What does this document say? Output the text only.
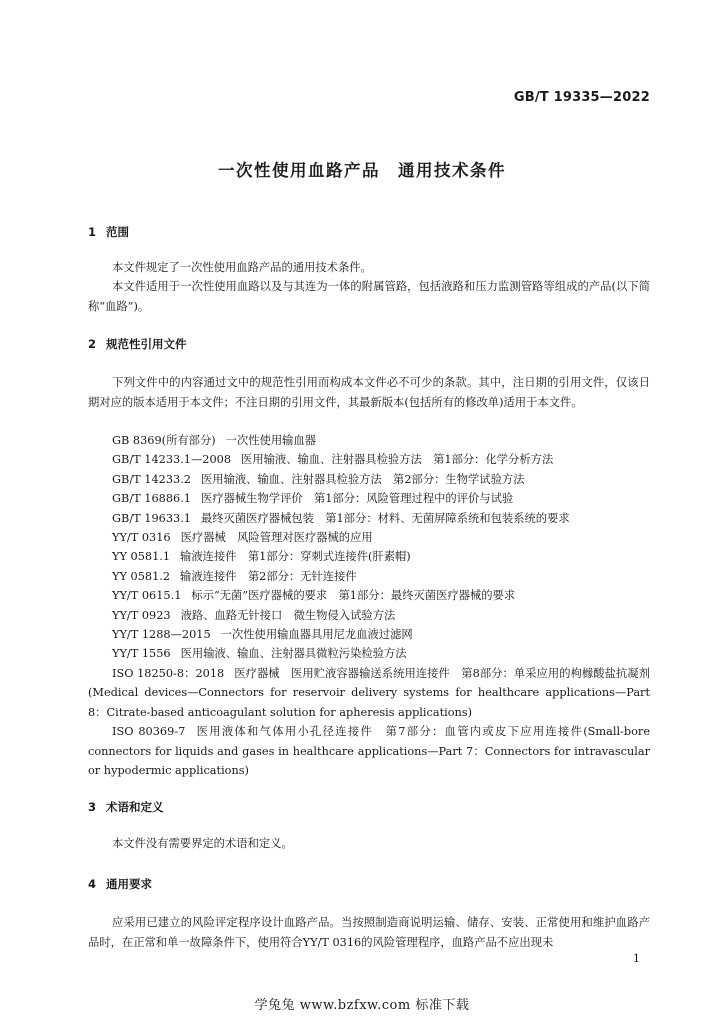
GB/T 19335—2022
一次性使用血路产品　通用技术条件
1 范围
本文件规定了一次性使用血路产品的通用技术条件。
本文件适用于一次性使用血路以及与其连为一体的附属管路，包括液路和压力监测管路等组成的产品(以下简称“血路”)。
2 规范性引用文件
下列文件中的内容通过文中的规范性引用而构成本文件必不可少的条款。其中，注日期的引用文件，仅该日期对应的版本适用于本文件；不注日期的引用文件，其最新版本(包括所有的修改单)适用于本文件。
GB 8369(所有部分) 一次性使用输血器
GB/T 14233.1—2008 医用输液、输血、注射器具检验方法　第1部分：化学分析方法
GB/T 14233.2 医用输液、输血、注射器具检验方法　第2部分：生物学试验方法
GB/T 16886.1 医疗器械生物学评价　第1部分：风险管理过程中的评价与试验
GB/T 19633.1 最终灭菌医疗器械包装　第1部分：材料、无菌屏障系统和包装系统的要求
YY/T 0316 医疗器械　风险管理对医疗器械的应用
YY 0581.1 输液连接件　第1部分：穿刺式连接件(肝素帽)
YY 0581.2 输液连接件　第2部分：无针连接件
YY/T 0615.1 标示“无菌”医疗器械的要求　第1部分：最终灭菌医疗器械的要求
YY/T 0923 液路、血路无针接口　微生物侵入试验方法
YY/T 1288—2015 一次性使用输血器具用尼龙血液过滤网
YY/T 1556 医用输液、输血、注射器具微粒污染检验方法
ISO 18250-8：2018 医疗器械　医用贮液容器输送系统用连接件　第8部分：单采应用的枸橼酸盐抗凝剂(Medical devices—Connectors for reservoir delivery systems for healthcare applications—Part 8：Citrate-based anticoagulant solution for apheresis applications)
ISO 80369-7 医用液体和气体用小孔径连接件　第7部分：血管内或皮下应用连接件(Small-bore connectors for liquids and gases in healthcare applications—Part 7：Connectors for intravascular or hypodermic applications)
3 术语和定义
本文件没有需要界定的术语和定义。
4 通用要求
应采用已建立的风险评定程序设计血路产品。当按照制造商说明运输、储存、安装、正常使用和维护血路产品时，在正常和单一故障条件下，使用符合YY/T 0316的风险管理程序，血路产品不应出现未
1
学兔兔 www.bzfxw.com 标准下载
